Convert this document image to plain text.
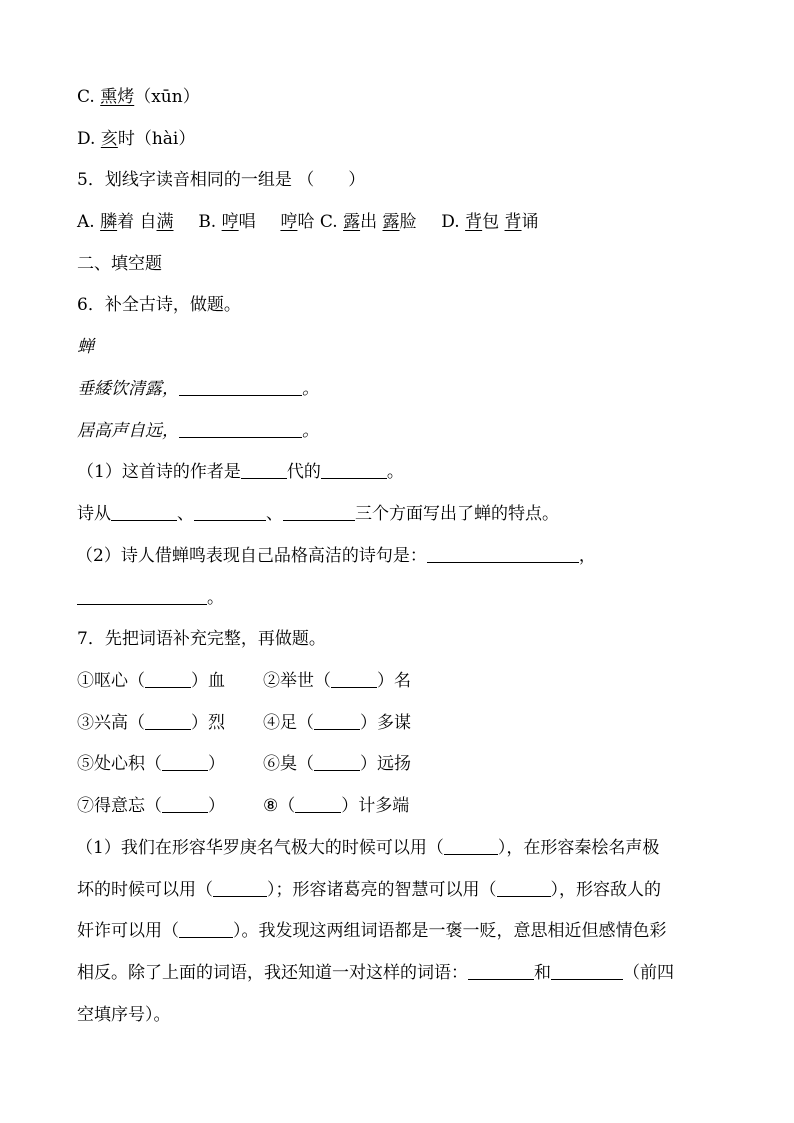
C. 熏烤（xūn）
D. 亥时（hài）
5．划线字读音相同的一组是 （　　）
A. 膦着 自满 B. 哼唱 哼哈 C. 露出 露脸 D. 背包 背诵
二、填空题
6．补全古诗，做题。
蝉
垂緌饮清露，	。
居高声自远，	。
（1）这首诗的作者是	代的	。
诗从	、	、	三个方面写出了蝉的特点。
（2）诗人借蝉鸣表现自己品格高洁的诗句是：	，
。
7．先把词语补充完整，再做题。
①呕心（	）血 ②举世（	）名
③兴高（	）烈 ④足（	）多谋
⑤处心积（	） ⑥臭（	）远扬
⑦得意忘（	） ⑧（	）计多端
（1）我们在形容华罗庚名气极大的时候可以用（	），在形容秦桧名声极
坏的时候可以用（	）；形容诸葛亮的智慧可以用（	），形容敌人的
奸诈可以用（	）。我发现这两组词语都是一褒一贬，意思相近但感情色彩
相反。除了上面的词语，我还知道一对这样的词语：	和	（前四
空填序号）。
